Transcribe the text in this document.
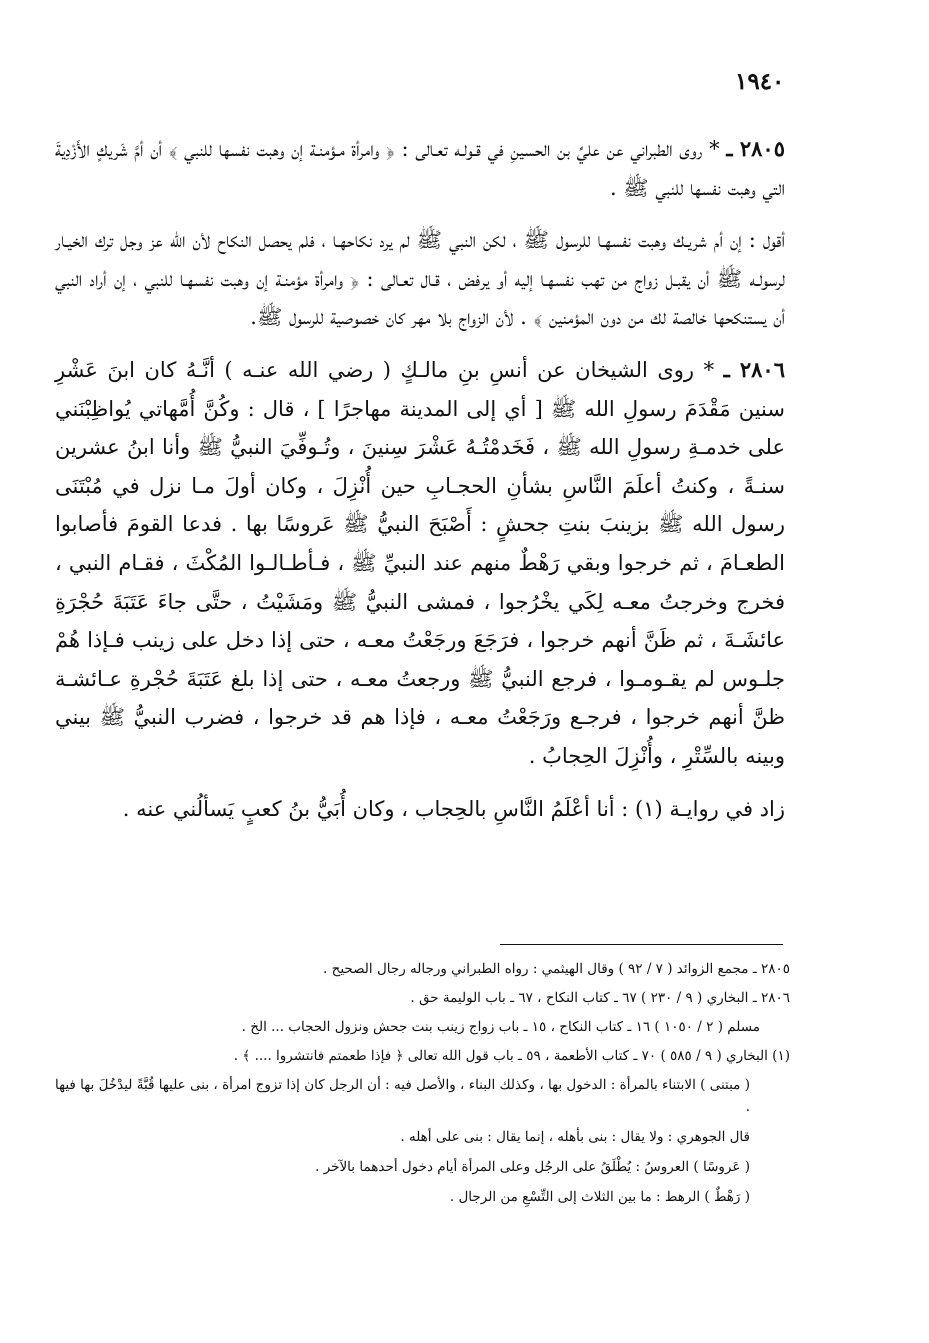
١٩٤٠

٢٨٠٥ ـ * روى الطبراني عن عليِّ بن الحسينِ في قـولـه تعـالى : ﴿ وامرأة مـؤمنـة إن وهبت نفسها للنبي ﴾ أن أمَّ شَريكٍ الأَزْدِيةَ التي وهبت نفسها للنبي ﷺ .

أقول : إن أم شريـك وهبت نفسهـا للرسول ﷺ ، لكن النبي ﷺ لم يرد نكاحهـا ، فلم يحصل النكاح لأن الله عز وجل ترك الخيـار لرسولـه ﷺ أن يقبـل زواج من تهب نفسهـا إليه أو يرفض ، قـال تعـالى : ﴿ وامرأة مؤمنـة إن وهبت نفسهـا للنبي ، إن أراد النبي أن يستنكحها خالصة لك من دون المؤمنين ﴾ . لأن الزواج بلا مهر كان خصوصية للرسول ﷺ.

٢٨٠٦ ـ * روى الشيخان عن أنسِ بنِ مالـكٍ ( رضي الله عنـه ) أنَّـهُ كان ابنَ عَشْرِ سنين مَقْدَمَ رسولِ الله ﷺ [ أي إلى المدينة مهاجرًا ] ، قال : وكُنَّ أُمَّهاتي يُواظِبْنَني على خدمـةِ رسولِ الله ﷺ ، فَخَدمْتُـهُ عَشْرَ سِنينَ ، وتُـوفِّيَ النبيُّ ﷺ وأنا ابنُ عشرين سنـةً ، وكنتُ أعلَمَ النَّاسِ بشأنِ الحجـابِ حين أُنْزِلَ ، وكان أولَ مـا نزل في مُبْتَنَى رسول الله ﷺ بزينبَ بنتِ جحشٍ : أَصْبَحَ النبيُّ ﷺ عَروسًا بها . فدعا القومَ فأصابوا الطعـامَ ، ثم خرجوا وبقي رَهْطٌ منهم عند النبيِّ ﷺ ، فـأطـالـوا المُكْثَ ، فقـام النبي ، فخرج وخرجتُ معـه لِكَي يخْرُجوا ، فمشى النبيُّ ﷺ ومَشَيْتُ ، حتَّى جاءَ عَتَبَةَ حُجْرَةِ عائشَـةَ ، ثم ظَنَّ أنهم خرجوا ، فرَجَعَ ورجَعْتُ معـه ، حتى إذا دخل على زينب فـإذا هُمْ جلـوس لم يقـومـوا ، فرجع النبيُّ ﷺ ورجعتُ معـه ، حتى إذا بلغ عَتَبَةَ حُجْرةِ عـائشـة ظنَّ أنهم خرجوا ، فرجـع ورَجَعْتُ معـه ، فإذا هم قد خرجوا ، فضرب النبيُّ ﷺ بيني وبينه بالسِّتْرِ ، وأُنْزِلَ الحِجابُ .

زاد في روايـة (١) : أنا أعْلَمُ النَّاسِ بالحِجاب ، وكان أُبَيُّ بنُ كعبٍ يَسألُني عنه .

٢٨٠٥ ـ مجمع الزوائد ( ٧ / ٩٢ ) وقال الهيثمي : رواه الطبراني ورجاله رجال الصحيح .

٢٨٠٦ ـ البخاري ( ٩ / ٢٣٠ ) ٦٧ ـ كتاب النكاح ، ٦٧ ـ باب الوليمة حق .

مسلم ( ٢ / ١٠٥٠ ) ١٦ ـ كتاب النكاح ، ١٥ ـ باب زواج زينب بنت جحش ونزول الحجاب ... الخ .

(١) البخاري ( ٩ / ٥٨٥ ) ٧٠ ـ كتاب الأطعمة ، ٥٩ ـ باب قول الله تعالى ﴿ فإذا طعمتم فانتشروا .... ﴾ .

( مبتنى ) الابتناء بالمرأة : الدخول بها ، وكذلك البناء ، والأصل فيه : أن الرجل كان إذا تزوج امرأة ، بنى عليها قُبَّةً ليدْخُلَ بها فيها .

قال الجوهري : ولا يقال : بنى بأهله ، إنما يقال : بنى على أهله .

( عَروسًا ) العروسُ : يُطْلَقُ على الرجُل وعلى المرأة أيام دخول أحدهما بالآخر .

( رَهْطٌ ) الرهط : ما بين الثلاث إلى التِّسْعِ من الرجال .
